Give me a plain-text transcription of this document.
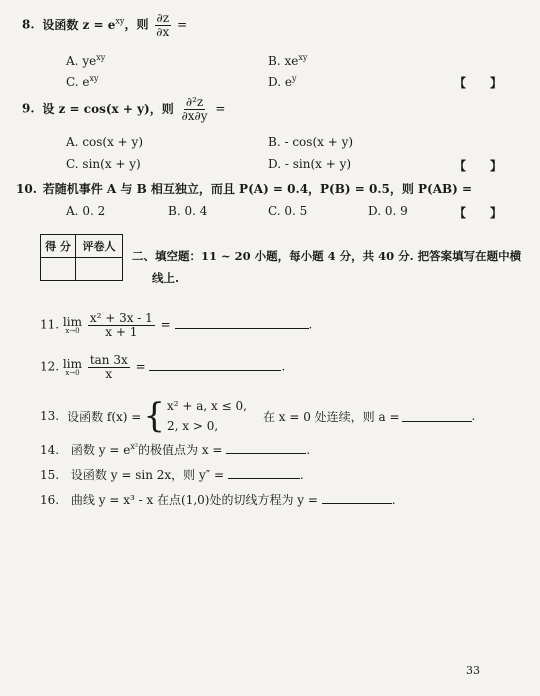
8. 设函数 $z = e^{xy}$，则 $\frac{\partial z}{\partial x}$ =
A. $ye^{xy}$	B. $xe^{xy}$
C. $e^{xy}$	D. $e^y$	【　　】
9. 设 z = cos(x + y)，则 $\frac{\text{∂²z}}{\partial x\partial y}$ =
A. cos(x + y)	B. - cos(x + y)
C. sin(x + y)	D. - sin(x + y)	【　　】
10. 若随机事件 A 与 B 相互独立，而且 P(A) = 0.4，P(B) = 0.5，则 P(AB) =
A. 0. 2	B. 0. 4	C. 0. 5	D. 0. 9	【　　】
得 分	评卷人

二、填空题：11 ~ 20 小题，每小题 4 分，共 40 分. 把答案填写在题中横
线上.
11. lim
x→0
$\frac{\text{x² + 3x - 1}}{x + 1}$ =	.
12. lim
x→0
$\frac{\tan 3x}{x}$ =	.
13. 设函数 f(x) = { x² + a, x ≤ 0,
2, x > 0,
在 x = 0 处连续，则 a =	.
14. 函数 $y = e^{x^2}$的极值点为 x =	.
15. 设函数 y = sin 2x，则 y″ =	.
16. 曲线 y = x³ - x 在点(1,0)处的切线方程为 y =	.
33
